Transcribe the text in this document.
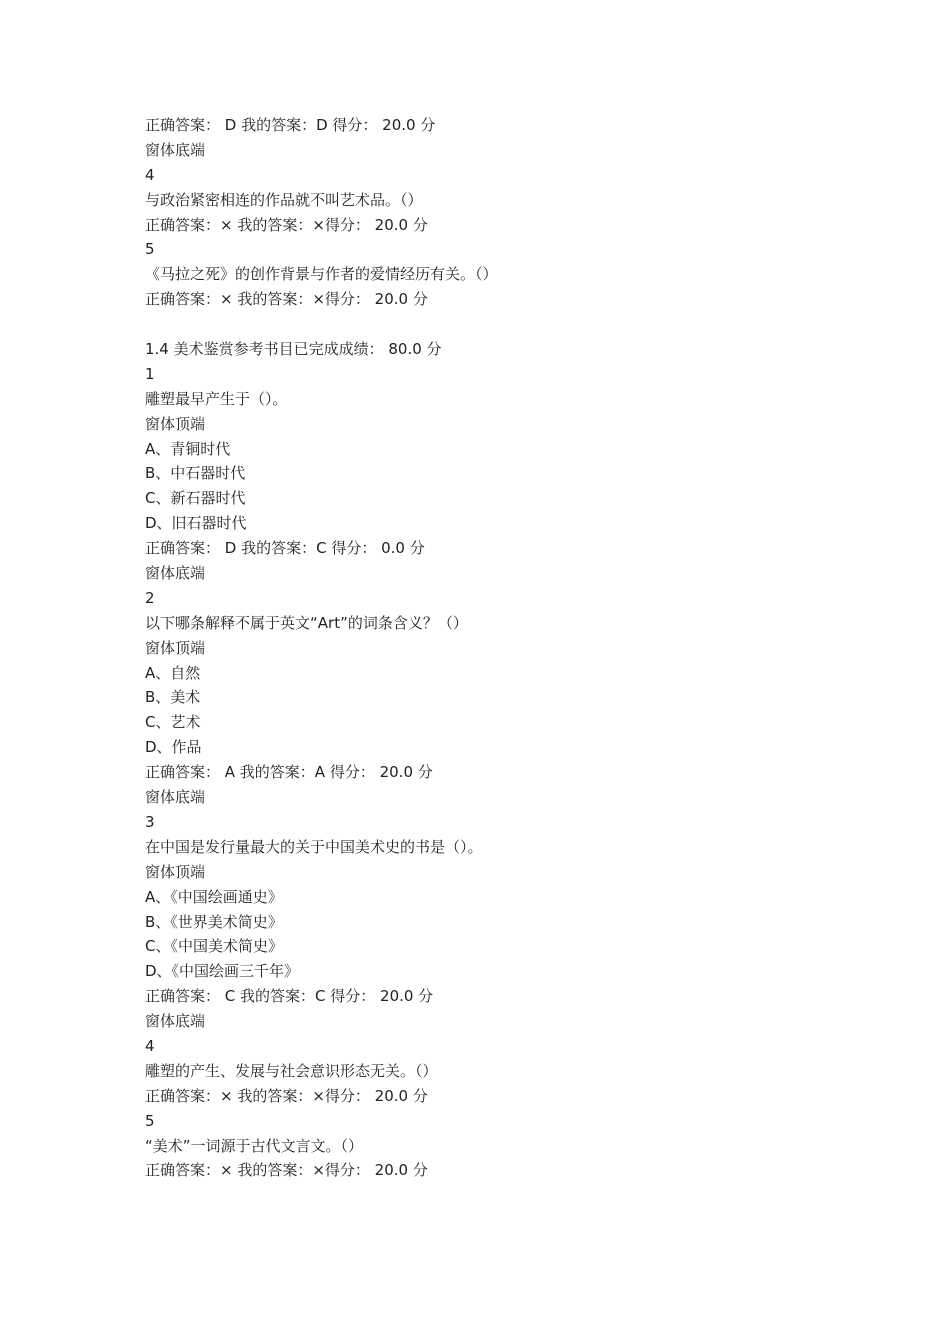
正确答案： D 我的答案：D 得分： 20.0 分
窗体底端
4
与政治紧密相连的作品就不叫艺术品。（）
正确答案：× 我的答案：×得分： 20.0 分
5
《马拉之死》的创作背景与作者的爱情经历有关。（）
正确答案：× 我的答案：×得分： 20.0 分
1.4 美术鉴赏参考书目已完成成绩： 80.0 分
1
雕塑最早产生于（）。
窗体顶端
A、青铜时代
B、中石器时代
C、新石器时代
D、旧石器时代
正确答案： D 我的答案：C 得分： 0.0 分
窗体底端
2
以下哪条解释不属于英文“Art”的词条含义？（）
窗体顶端
A、自然
B、美术
C、艺术
D、作品
正确答案： A 我的答案：A 得分： 20.0 分
窗体底端
3
在中国是发行量最大的关于中国美术史的书是（）。
窗体顶端
A、《中国绘画通史》
B、《世界美术简史》
C、《中国美术简史》
D、《中国绘画三千年》
正确答案： C 我的答案：C 得分： 20.0 分
窗体底端
4
雕塑的产生、发展与社会意识形态无关。（）
正确答案：× 我的答案：×得分： 20.0 分
5
“美术”一词源于古代文言文。（）
正确答案：× 我的答案：×得分： 20.0 分
